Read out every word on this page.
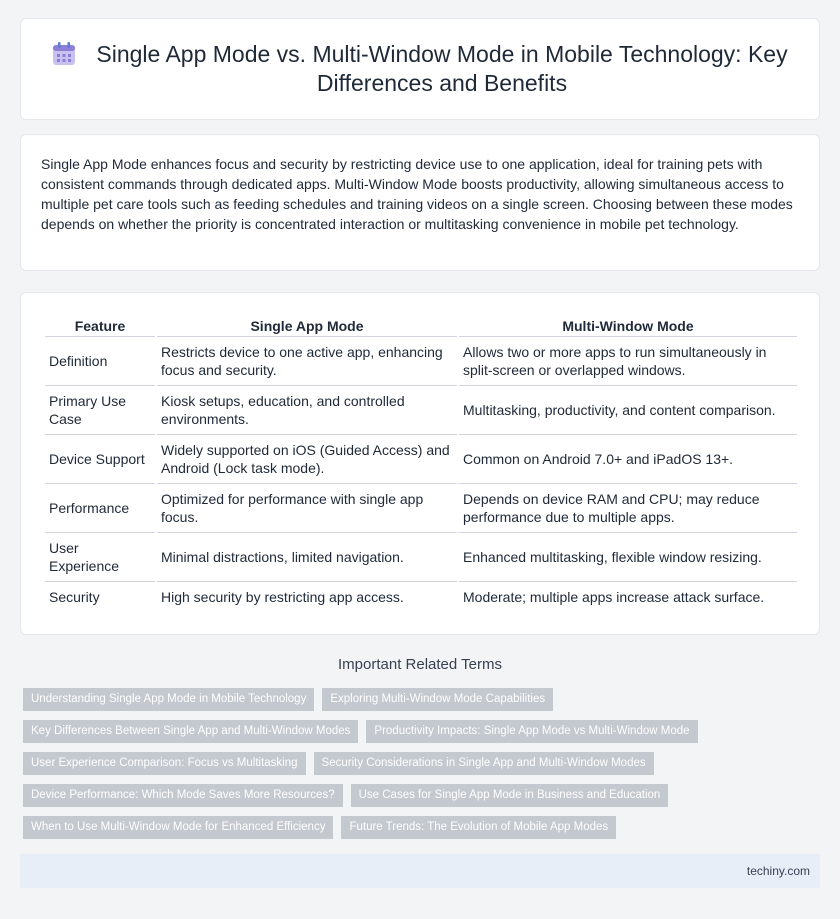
Single App Mode vs. Multi-Window Mode in Mobile Technology: Key Differences and Benefits

Single App Mode enhances focus and security by restricting device use to one application, ideal for training pets with consistent commands through dedicated apps. Multi-Window Mode boosts productivity, allowing simultaneous access to multiple pet care tools such as feeding schedules and training videos on a single screen. Choosing between these modes depends on whether the priority is concentrated interaction or multitasking convenience in mobile pet technology.

Feature	Single App Mode	Multi-Window Mode
Definition	Restricts device to one active app, enhancing focus and security.	Allows two or more apps to run simultaneously in split-screen or overlapped windows.
Primary Use Case	Kiosk setups, education, and controlled environments.	Multitasking, productivity, and content comparison.
Device Support	Widely supported on iOS (Guided Access) and Android (Lock task mode).	Common on Android 7.0+ and iPadOS 13+.
Performance	Optimized for performance with single app focus.	Depends on device RAM and CPU; may reduce performance due to multiple apps.
User Experience	Minimal distractions, limited navigation.	Enhanced multitasking, flexible window resizing.
Security	High security by restricting app access.	Moderate; multiple apps increase attack surface.
Important Related Terms
Understanding Single App Mode in Mobile Technology	Exploring Multi-Window Mode Capabilities
Key Differences Between Single App and Multi-Window Modes	Productivity Impacts: Single App Mode vs Multi-Window Mode
User Experience Comparison: Focus vs Multitasking	Security Considerations in Single App and Multi-Window Modes
Device Performance: Which Mode Saves More Resources?	Use Cases for Single App Mode in Business and Education
When to Use Multi-Window Mode for Enhanced Efficiency	Future Trends: The Evolution of Mobile App Modes
techiny.com
